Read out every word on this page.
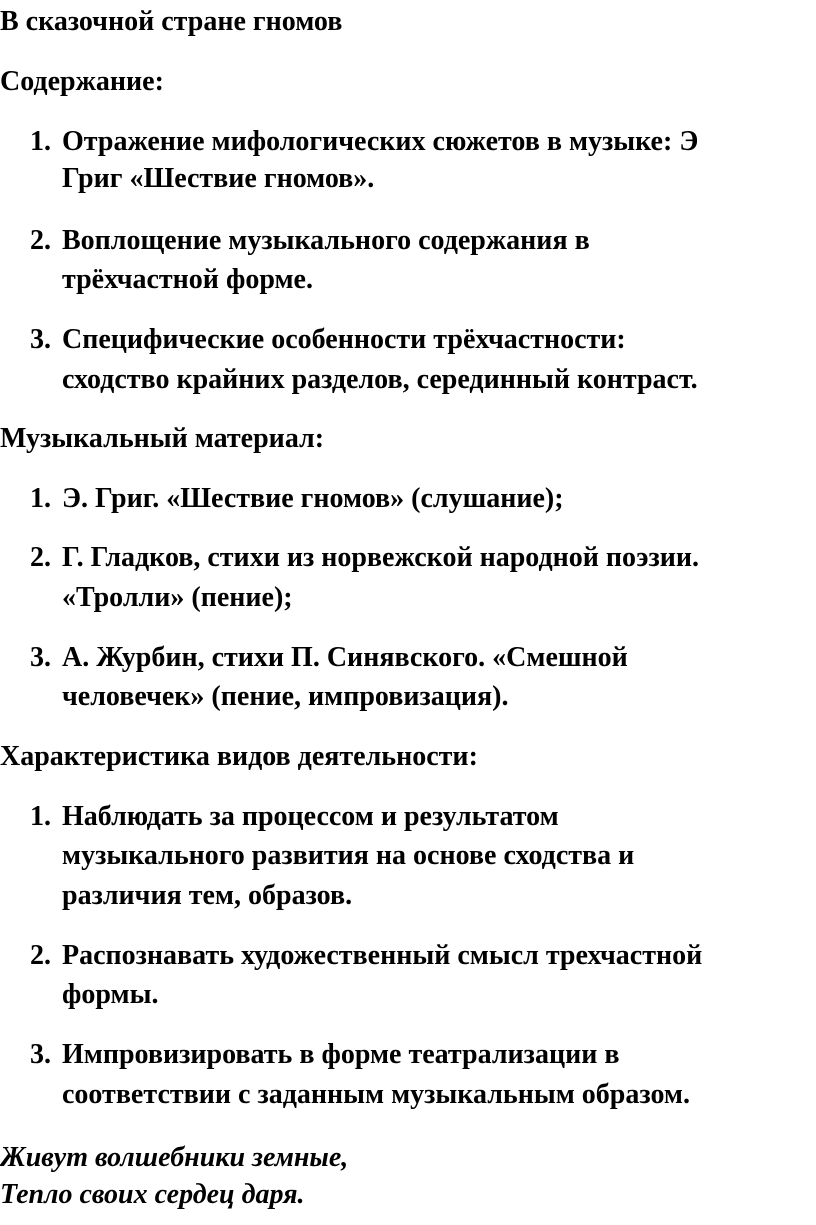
В сказочной стране гномов
Содержание:
1. Отражение мифологических сюжетов в музыке: Э
Григ «Шествие гномов».
2. Воплощение музыкального содержания в
трёхчастной форме.
3. Специфические особенности трёхчастности:
сходство крайних разделов, серединный контраст.
Музыкальный материал:
1. Э. Григ. «Шествие гномов» (слушание);
2. Г. Гладков, стихи из норвежской народной поэзии.
«Тролли» (пение);
3. А. Журбин, стихи П. Синявского. «Смешной
человечек» (пение, импровизация).
Характеристика видов деятельности:
1. Наблюдать за процессом и результатом
музыкального развития на основе сходства и
различия тем, образов.
2. Распознавать художественный смысл трехчастной
формы.
3. Импровизировать в форме театрализации в
соответствии с заданным музыкальным образом.
Живут волшебники земные,
Тепло своих сердец даря.
